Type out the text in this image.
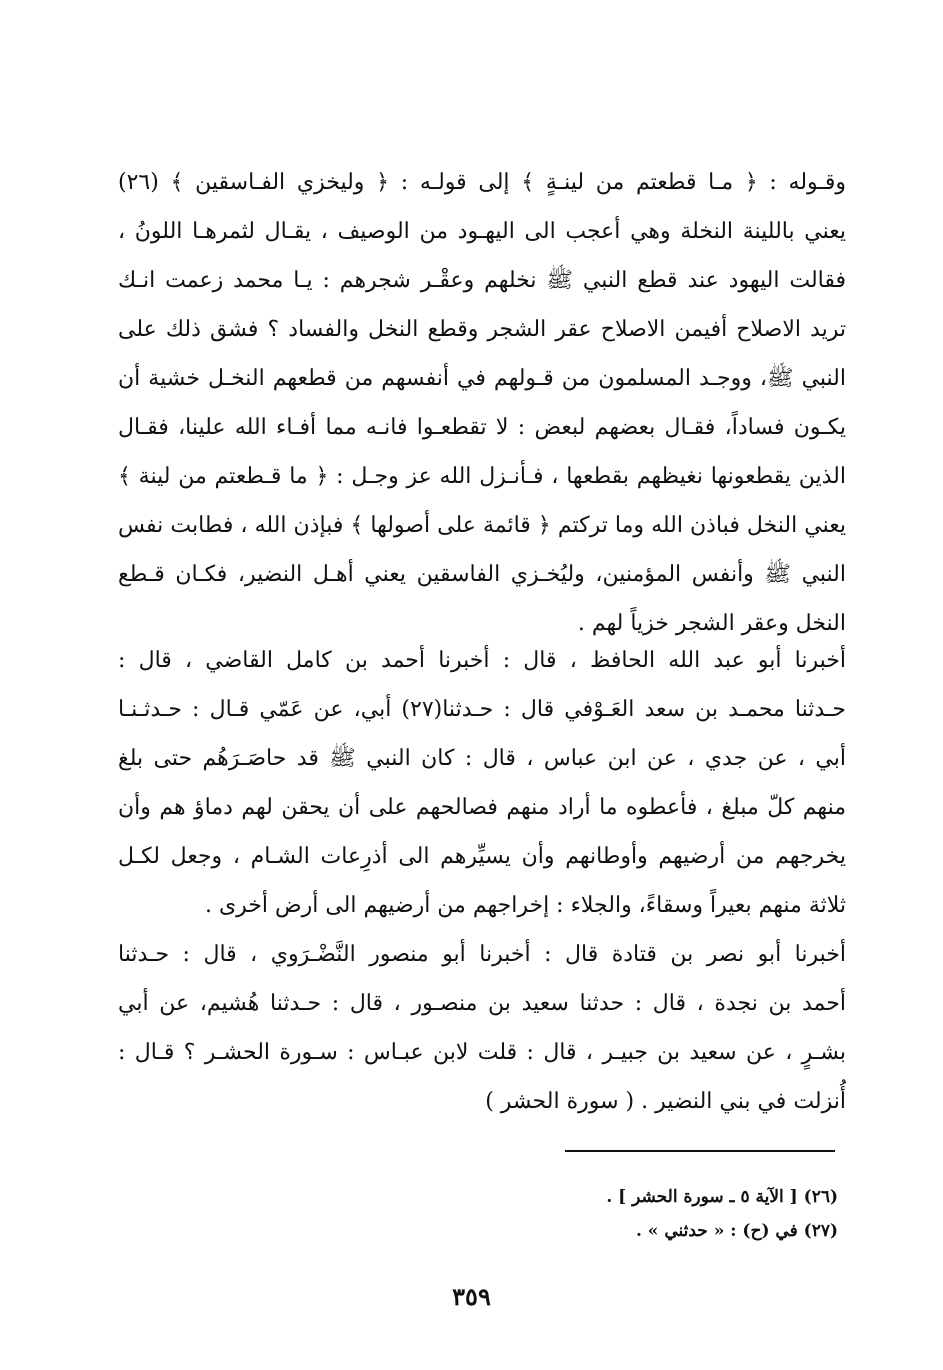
وقـوله : ﴿ مـا قطعتم من لينـةٍ ﴾ إلى قولـه : ﴿ وليخزي الفـاسقين ﴾ (٢٦)
يعني باللينة النخلة وهي أعجب الى اليهـود من الوصيف ، يقـال لثمرهـا اللونُ ،
فقالت اليهود عند قطع النبي ﷺ نخلهم وعقْـر شجرهم : يـا محمد زعمت انـك
تريد الاصلاح أفيمن الاصلاح عقر الشجر وقطع النخل والفساد ؟ فشق ذلك على
النبي ﷺ، ووجـد المسلمون من قـولهم في أنفسهم من قطعهم النخـل خشية أن
يكـون فساداً، فقـال بعضهم لبعض : لا تقطعـوا فانـه مما أفـاء الله علينا، فقـال
الذين يقطعونها نغيظهم بقطعها ، فـأنـزل الله عز وجـل : ﴿ ما قـطعتم من لينة ﴾
يعني النخل فباذن الله وما تركتم ﴿ قائمة على أصولها ﴾ فبإذن الله ، فطابت نفس
النبي ﷺ وأنفس المؤمنين، وليُخـزي الفاسقين يعني أهـل النضير، فكـان قـطع
النخل وعقر الشجر خزياً لهم .
أخبرنا أبو عبد الله الحافظ ، قال : أخبرنا أحمد بن كامل القاضي ، قال :
حـدثنا محمـد بن سعد العَـوْفي قال : حـدثنا(٢٧) أبي، عن عَمّي قـال : حـدثـنـا
أبي ، عن جدي ، عن ابن عباس ، قال : كان النبي ﷺ قد حاصَـرَهُم حتى بلغ
منهم كلّ مبلغ ، فأعطوه ما أراد منهم فصالحهم على أن يحقن لهم دماؤ هم وأن
يخرجهم من أرضيهم وأوطانهم وأن يسيِّرهم الى أذرِعات الشـام ، وجعل لكـل
ثلاثة منهم بعيراً وسقاءً، والجلاء : إخراجهم من أرضيهم الى أرض أخرى .
أخبرنا أبو نصر بن قتادة قال : أخبرنا أبو منصور النَّضْـرَوي ، قال : حـدثنا
أحمد بن نجدة ، قال : حدثنا سعيد بن منصـور ، قال : حـدثنا هُشيم، عن أبي
بشـرٍ ، عن سعيد بن جبيـر ، قال : قلت لابن عبـاس : سـورة الحشـر ؟ قـال :
أُنزلت في بني النضير . ( سورة الحشر )
(٢٦) [ الآية ٥ ـ سورة الحشر ] .
(٢٧) في (ح) : « حدثني » .
٣٥٩
